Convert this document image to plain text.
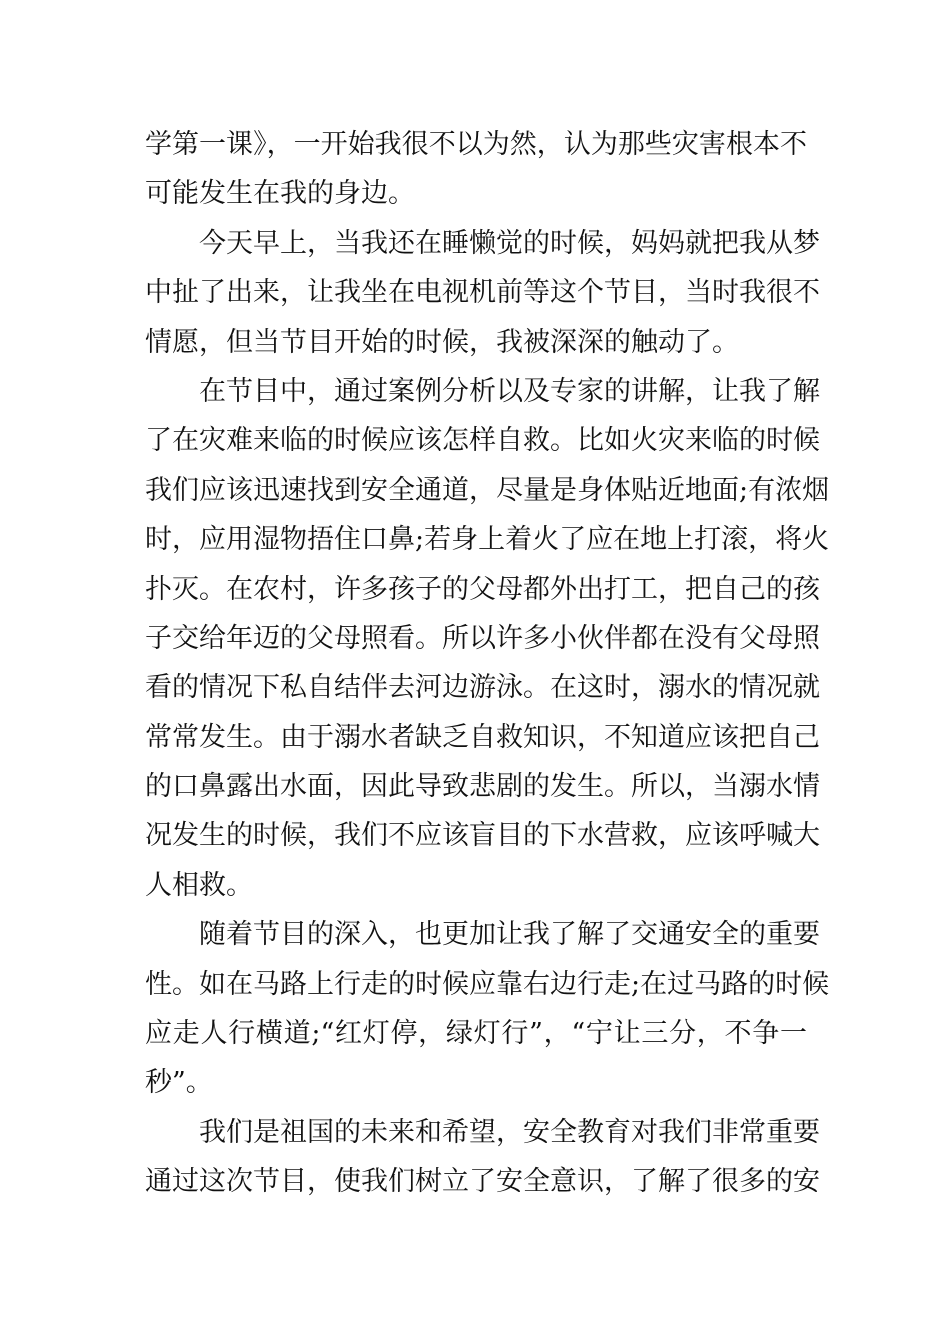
学第一课》，一开始我很不以为然，认为那些灾害根本不
可能发生在我的身边。
今天早上，当我还在睡懒觉的时候，妈妈就把我从梦
中扯了出来，让我坐在电视机前等这个节目，当时我很不
情愿，但当节目开始的时候，我被深深的触动了。
在节目中，通过案例分析以及专家的讲解，让我了解
了在灾难来临的时候应该怎样自救。比如火灾来临的时候
我们应该迅速找到安全通道，尽量是身体贴近地面;有浓烟
时，应用湿物捂住口鼻;若身上着火了应在地上打滚，将火
扑灭。在农村，许多孩子的父母都外出打工，把自己的孩
子交给年迈的父母照看。所以许多小伙伴都在没有父母照
看的情况下私自结伴去河边游泳。在这时，溺水的情况就
常常发生。由于溺水者缺乏自救知识，不知道应该把自己
的口鼻露出水面，因此导致悲剧的发生。所以，当溺水情
况发生的时候，我们不应该盲目的下水营救，应该呼喊大
人相救。
随着节目的深入，也更加让我了解了交通安全的重要
性。如在马路上行走的时候应靠右边行走;在过马路的时候
应走人行横道;“红灯停，绿灯行”，“宁让三分，不争一
秒”。
我们是祖国的未来和希望，安全教育对我们非常重要
通过这次节目，使我们树立了安全意识，了解了很多的安
